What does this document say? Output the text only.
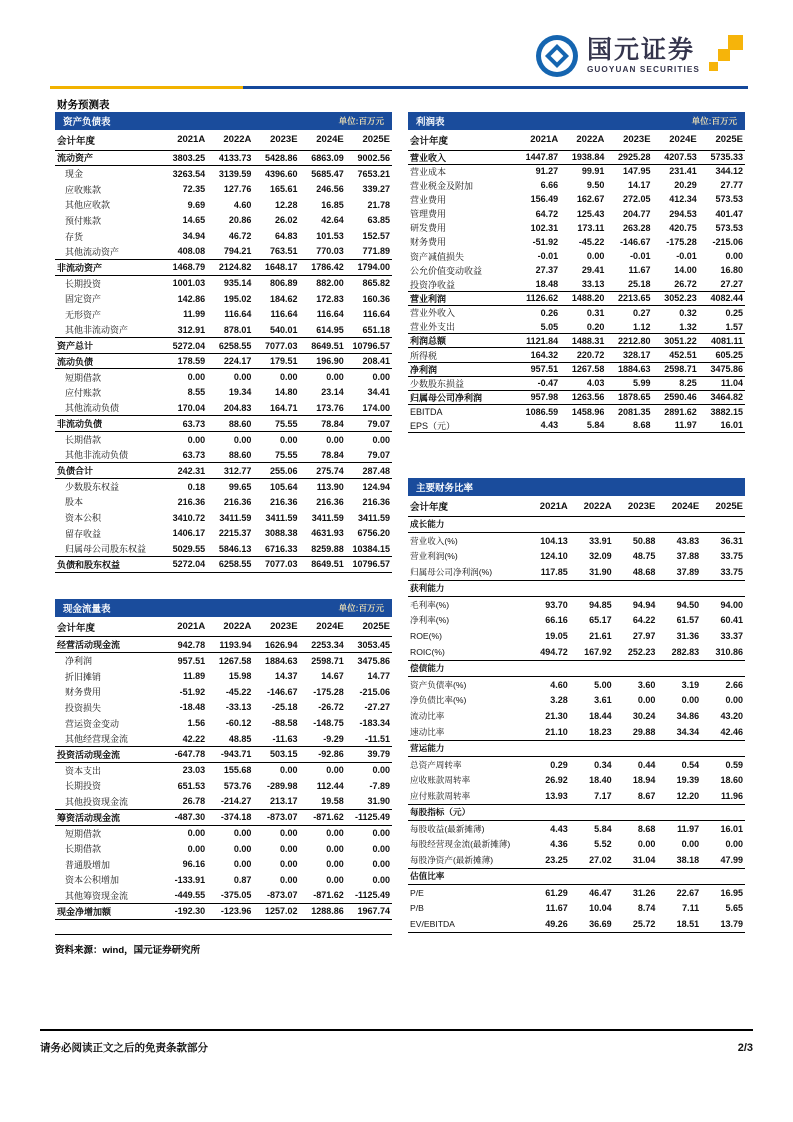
国元证券
GUOYUAN SECURITIES
财务预测表
资产负债表	单位:百万元
会计年度	2021A	2022A	2023E	2024E	2025E
流动资产	3803.25	4133.73	5428.86	6863.09	9002.56
现金	3263.54	3139.59	4396.60	5685.47	7653.21
应收账款	72.35	127.76	165.61	246.56	339.27
其他应收款	9.69	4.60	12.28	16.85	21.78
预付账款	14.65	20.86	26.02	42.64	63.85
存货	34.94	46.72	64.83	101.53	152.57
其他流动资产	408.08	794.21	763.51	770.03	771.89
非流动资产	1468.79	2124.82	1648.17	1786.42	1794.00
长期投资	1001.03	935.14	806.89	882.00	865.82
固定资产	142.86	195.02	184.62	172.83	160.36
无形资产	11.99	116.64	116.64	116.64	116.64
其他非流动资产	312.91	878.01	540.01	614.95	651.18
资产总计	5272.04	6258.55	7077.03	8649.51	10796.57
流动负债	178.59	224.17	179.51	196.90	208.41
短期借款	0.00	0.00	0.00	0.00	0.00
应付账款	8.55	19.34	14.80	23.14	34.41
其他流动负债	170.04	204.83	164.71	173.76	174.00
非流动负债	63.73	88.60	75.55	78.84	79.07
长期借款	0.00	0.00	0.00	0.00	0.00
其他非流动负债	63.73	88.60	75.55	78.84	79.07
负债合计	242.31	312.77	255.06	275.74	287.48
少数股东权益	0.18	99.65	105.64	113.90	124.94
股本	216.36	216.36	216.36	216.36	216.36
资本公积	3410.72	3411.59	3411.59	3411.59	3411.59
留存收益	1406.17	2215.37	3088.38	4631.93	6756.20
归属母公司股东权益	5029.55	5846.13	6716.33	8259.88	10384.15
负债和股东权益	5272.04	6258.55	7077.03	8649.51	10796.57
现金流量表	单位:百万元
会计年度	2021A	2022A	2023E	2024E	2025E
经营活动现金流	942.78	1193.94	1626.94	2253.34	3053.45
净利润	957.51	1267.58	1884.63	2598.71	3475.86
折旧摊销	11.89	15.98	14.37	14.67	14.77
财务费用	-51.92	-45.22	-146.67	-175.28	-215.06
投资损失	-18.48	-33.13	-25.18	-26.72	-27.27
营运资金变动	1.56	-60.12	-88.58	-148.75	-183.34
其他经营现金流	42.22	48.85	-11.63	-9.29	-11.51
投资活动现金流	-647.78	-943.71	503.15	-92.86	39.79
资本支出	23.03	155.68	0.00	0.00	0.00
长期投资	651.53	573.76	-289.98	112.44	-7.89
其他投资现金流	26.78	-214.27	213.17	19.58	31.90
筹资活动现金流	-487.30	-374.18	-873.07	-871.62	-1125.49
短期借款	0.00	0.00	0.00	0.00	0.00
长期借款	0.00	0.00	0.00	0.00	0.00
普通股增加	96.16	0.00	0.00	0.00	0.00
资本公积增加	-133.91	0.87	0.00	0.00	0.00
其他筹资现金流	-449.55	-375.05	-873.07	-871.62	-1125.49
现金净增加额	-192.30	-123.96	1257.02	1288.86	1967.74
资料来源：wind，国元证券研究所
利润表	单位:百万元
会计年度	2021A	2022A	2023E	2024E	2025E
营业收入	1447.87	1938.84	2925.28	4207.53	5735.33
营业成本	91.27	99.91	147.95	231.41	344.12
营业税金及附加	6.66	9.50	14.17	20.29	27.77
营业费用	156.49	162.67	272.05	412.34	573.53
管理费用	64.72	125.43	204.77	294.53	401.47
研发费用	102.31	173.11	263.28	420.75	573.53
财务费用	-51.92	-45.22	-146.67	-175.28	-215.06
资产减值损失	-0.01	0.00	-0.01	-0.01	0.00
公允价值变动收益	27.37	29.41	11.67	14.00	16.80
投资净收益	18.48	33.13	25.18	26.72	27.27
营业利润	1126.62	1488.20	2213.65	3052.23	4082.44
营业外收入	0.26	0.31	0.27	0.32	0.25
营业外支出	5.05	0.20	1.12	1.32	1.57
利润总额	1121.84	1488.31	2212.80	3051.22	4081.11
所得税	164.32	220.72	328.17	452.51	605.25
净利润	957.51	1267.58	1884.63	2598.71	3475.86
少数股东损益	-0.47	4.03	5.99	8.25	11.04
归属母公司净利润	957.98	1263.56	1878.65	2590.46	3464.82
EBITDA	1086.59	1458.96	2081.35	2891.62	3882.15
EPS（元）	4.43	5.84	8.68	11.97	16.01
主要财务比率
会计年度	2021A	2022A	2023E	2024E	2025E
成长能力					
营业收入(%)	104.13	33.91	50.88	43.83	36.31
营业利润(%)	124.10	32.09	48.75	37.88	33.75
归属母公司净利润(%)	117.85	31.90	48.68	37.89	33.75
获利能力					
毛利率(%)	93.70	94.85	94.94	94.50	94.00
净利率(%)	66.16	65.17	64.22	61.57	60.41
ROE(%)	19.05	21.61	27.97	31.36	33.37
ROIC(%)	494.72	167.92	252.23	282.83	310.86
偿债能力					
资产负债率(%)	4.60	5.00	3.60	3.19	2.66
净负债比率(%)	3.28	3.61	0.00	0.00	0.00
流动比率	21.30	18.44	30.24	34.86	43.20
速动比率	21.10	18.23	29.88	34.34	42.46
营运能力					
总资产周转率	0.29	0.34	0.44	0.54	0.59
应收账款周转率	26.92	18.40	18.94	19.39	18.60
应付账款周转率	13.93	7.17	8.67	12.20	11.96
每股指标（元）					
每股收益(最新摊薄)	4.43	5.84	8.68	11.97	16.01
每股经营现金流(最新摊薄)	4.36	5.52	0.00	0.00	0.00
每股净资产(最新摊薄)	23.25	27.02	31.04	38.18	47.99
估值比率					
P/E	61.29	46.47	31.26	22.67	16.95
P/B	11.67	10.04	8.74	7.11	5.65
EV/EBITDA	49.26	36.69	25.72	18.51	13.79
请务必阅读正文之后的免责条款部分	2/3
